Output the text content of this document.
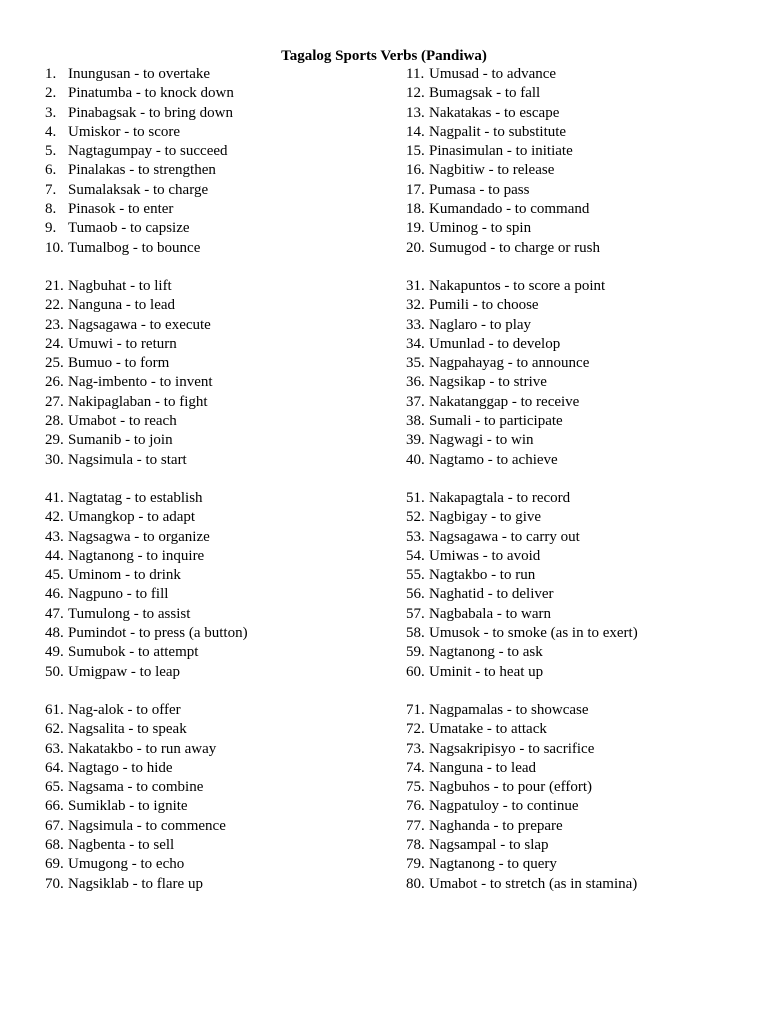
Tagalog Sports Verbs (Pandiwa)
1. Inungusan - to overtake
2. Pinatumba - to knock down
3. Pinabagsak - to bring down
4. Umiskor - to score
5. Nagtagumpay - to succeed
6. Pinalakas - to strengthen
7. Sumalaksak - to charge
8. Pinasok - to enter
9. Tumaob - to capsize
10. Tumalbog - to bounce
21. Nagbuhat - to lift
22. Nanguna - to lead
23. Nagsagawa - to execute
24. Umuwi - to return
25. Bumuo - to form
26. Nag-imbento - to invent
27. Nakipaglaban - to fight
28. Umabot - to reach
29. Sumanib - to join
30. Nagsimula - to start
41. Nagtatag - to establish
42. Umangkop - to adapt
43. Nagsagwa - to organize
44. Nagtanong - to inquire
45. Uminom - to drink
46. Nagpuno - to fill
47. Tumulong - to assist
48. Pumindot - to press (a button)
49. Sumubok - to attempt
50. Umigpaw - to leap
61. Nag-alok - to offer
62. Nagsalita - to speak
63. Nakatakbo - to run away
64. Nagtago - to hide
65. Nagsama - to combine
66. Sumiklab - to ignite
67. Nagsimula - to commence
68. Nagbenta - to sell
69. Umugong - to echo
70. Nagsiklab - to flare up
11. Umusad - to advance
12. Bumagsak - to fall
13. Nakatakas - to escape
14. Nagpalit - to substitute
15. Pinasimulan - to initiate
16. Nagbitiw - to release
17. Pumasa - to pass
18. Kumandado - to command
19. Uminog - to spin
20. Sumugod - to charge or rush
31. Nakapuntos - to score a point
32. Pumili - to choose
33. Naglaro - to play
34. Umunlad - to develop
35. Nagpahayag - to announce
36. Nagsikap - to strive
37. Nakatanggap - to receive
38. Sumali - to participate
39. Nagwagi - to win
40. Nagtamo - to achieve
51. Nakapagtala - to record
52. Nagbigay - to give
53. Nagsagawa - to carry out
54. Umiwas - to avoid
55. Nagtakbo - to run
56. Naghatid - to deliver
57. Nagbabala - to warn
58. Umusok - to smoke (as in to exert)
59. Nagtanong - to ask
60. Uminit - to heat up
71. Nagpamalas - to showcase
72. Umatake - to attack
73. Nagsakripisyo - to sacrifice
74. Nanguna - to lead
75. Nagbuhos - to pour (effort)
76. Nagpatuloy - to continue
77. Naghanda - to prepare
78. Nagsampal - to slap
79. Nagtanong - to query
80. Umabot - to stretch (as in stamina)
